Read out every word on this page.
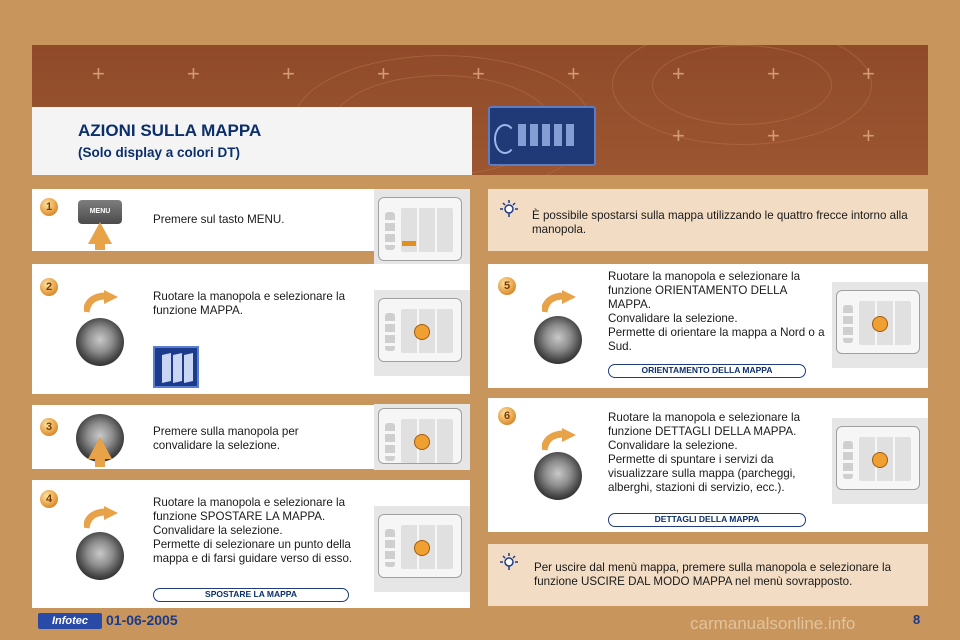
+	+	+	+	+	+	+	+	+
+	+	+
AZIONI SULLA MAPPA
(Solo display a colori DT)
1	MENU
Premere sul tasto MENU.
2
Ruotare la manopola e selezionare la funzione MAPPA.
3	Premere sulla manopola per convalidare la selezione.
4	Ruotare la manopola e selezionare la funzione SPOSTARE LA MAPPA.
Convalidare la selezione.
Permette di selezionare un punto della mappa e di farsi guidare verso di esso.
SPOSTARE LA MAPPA
È possibile spostarsi sulla mappa utilizzando le quattro frecce intorno alla manopola.
5
Ruotare la manopola e selezionare la funzione ORIENTAMENTO DELLA MAPPA.
Convalidare la selezione.
Permette di orientare la mappa a Nord o a Sud.
ORIENTAMENTO DELLA MAPPA
6	Ruotare la manopola e selezionare la funzione DETTAGLI DELLA MAPPA.
Convalidare la selezione.
Permette di spuntare i servizi da visualizzare sulla mappa (parcheggi, alberghi, stazioni di servizio, ecc.).
DETTAGLI DELLA MAPPA
Per uscire dal menù mappa, premere sulla manopola e selezionare la funzione USCIRE DAL MODO MAPPA nel menù sovrapposto.
Infotec	01-06-2005	carmanualsonline.info	8
